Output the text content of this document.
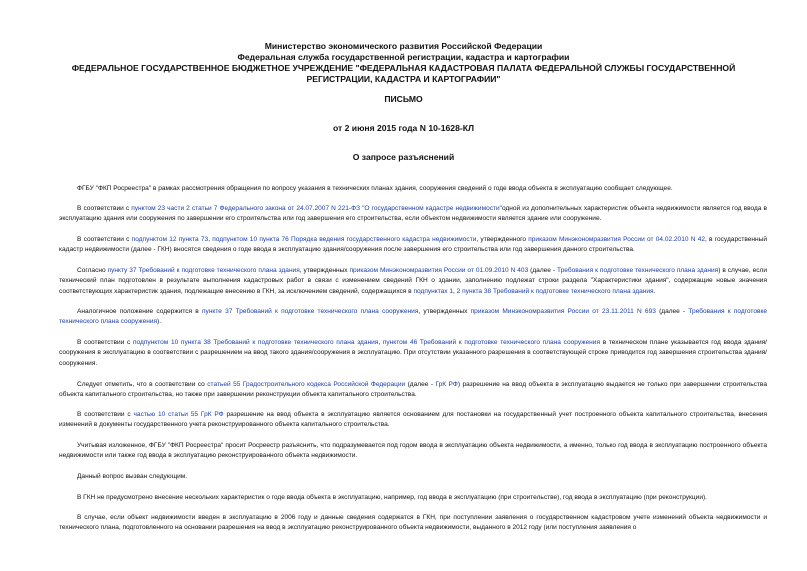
Министерство экономического развития Российской Федерации

Федеральная служба государственной регистрации, кадастра и картографии

ФЕДЕРАЛЬНОЕ ГОСУДАРСТВЕННОЕ БЮДЖЕТНОЕ УЧРЕЖДЕНИЕ "ФЕДЕРАЛЬНАЯ КАДАСТРОВАЯ ПАЛАТА ФЕДЕРАЛЬНОЙ СЛУЖБЫ ГОСУДАРСТВЕННОЙ РЕГИСТРАЦИИ, КАДАСТРА И КАРТОГРАФИИ"

ПИСЬМО

от 2 июня 2015 года N 10-1628-КЛ

О запросе разъяснений

ФГБУ "ФКП Росреестра" в рамках рассмотрения обращения по вопросу указания в технических планах здания, сооружения сведений о годе ввода объекта в эксплуатацию сообщает следующее.

В соответствии с пунктом 23 части 2 статьи 7 Федерального закона от 24.07.2007 N 221-ФЗ "О государственном кадастре недвижимости"одной из дополнительных характеристик объекта недвижимости является год ввода в эксплуатацию здания или сооружения по завершении его строительства или год завершения его строительства, если объектом недвижимости является здание или сооружение.

В соответствии с подпунктом 12 пункта 73, подпунктом 10 пункта 76 Порядка ведения государственного кадастра недвижимости, утвержденного приказом Минэкономразвития России от 04.02.2010 N 42, в государственный кадастр недвижимости (далее - ГКН) вносятся сведения о годе ввода в эксплуатацию здания/сооружения после завершения его строительства или год завершения данного строительства.

Согласно пункту 37 Требований к подготовке технического плана здания, утвержденных приказом Минэкономразвития России от 01.09.2010 N 403 (далее - Требования к подготовке технического плана здания) в случае, если технический план подготовлен в результате выполнения кадастровых работ в связи с изменением сведений ГКН о здании, заполнению подлежат строки раздела "Характеристики здания", содержащие новые значения соответствующих характеристик здания, подлежащие внесению в ГКН, за исключением сведений, содержащихся в подпунктах 1, 2 пункта 38 Требований к подготовке технического плана здания.

Аналогичное положение содержится в пункте 37 Требований к подготовке технического плана сооружения, утвержденных приказом Минэкономразвития России от 23.11.2011 N 693 (далее - Требования к подготовке технического плана сооружения).

В соответствии с подпунктом 10 пункта 38 Требований к подготовке технического плана здания, пунктом 46 Требований к подготовке технического плана сооружения в техническом плане указывается год ввода здания/сооружения в эксплуатацию в соответствии с разрешением на ввод такого здания/сооружения в эксплуатацию. При отсутствии указанного разрешения в соответствующей строке приводится год завершения строительства здания/сооружения.

Следует отметить, что в соответствии со статьей 55 Градостроительного кодекса Российской Федерации (далее - ГрК РФ) разрешение на ввод объекта в эксплуатацию выдается не только при завершении строительства объекта капитального строительства, но также при завершении реконструкции объекта капитального строительства.

В соответствии с частью 10 статьи 55 ГрК РФ разрешение на ввод объекта в эксплуатацию является основанием для постановки на государственный учет построенного объекта капитального строительства, внесения изменений в документы государственного учета реконструированного объекта капитального строительства.

Учитывая изложенное, ФГБУ "ФКП Росреестра" просит Росреестр разъяснить, что подразумевается под годом ввода в эксплуатацию объекта недвижимости, а именно, только год ввода в эксплуатацию построенного объекта недвижимости или также год ввода в эксплуатацию реконструированного объекта недвижимости.

Данный вопрос вызван следующим.

В ГКН не предусмотрено внесение нескольких характеристик о годе ввода объекта в эксплуатацию, например, год ввода в эксплуатацию (при строительстве), год ввода в эксплуатацию (при реконструкции).

В случае, если объект недвижимости введен в эксплуатацию в 2006 году и данные сведения содержатся в ГКН, при поступлении заявления о государственном кадастровом учете изменений объекта недвижимости и технического плана, подготовленного на основании разрешения на ввод в эксплуатацию реконструированного объекта недвижимости, выданного в 2012 году (или поступления заявления о
